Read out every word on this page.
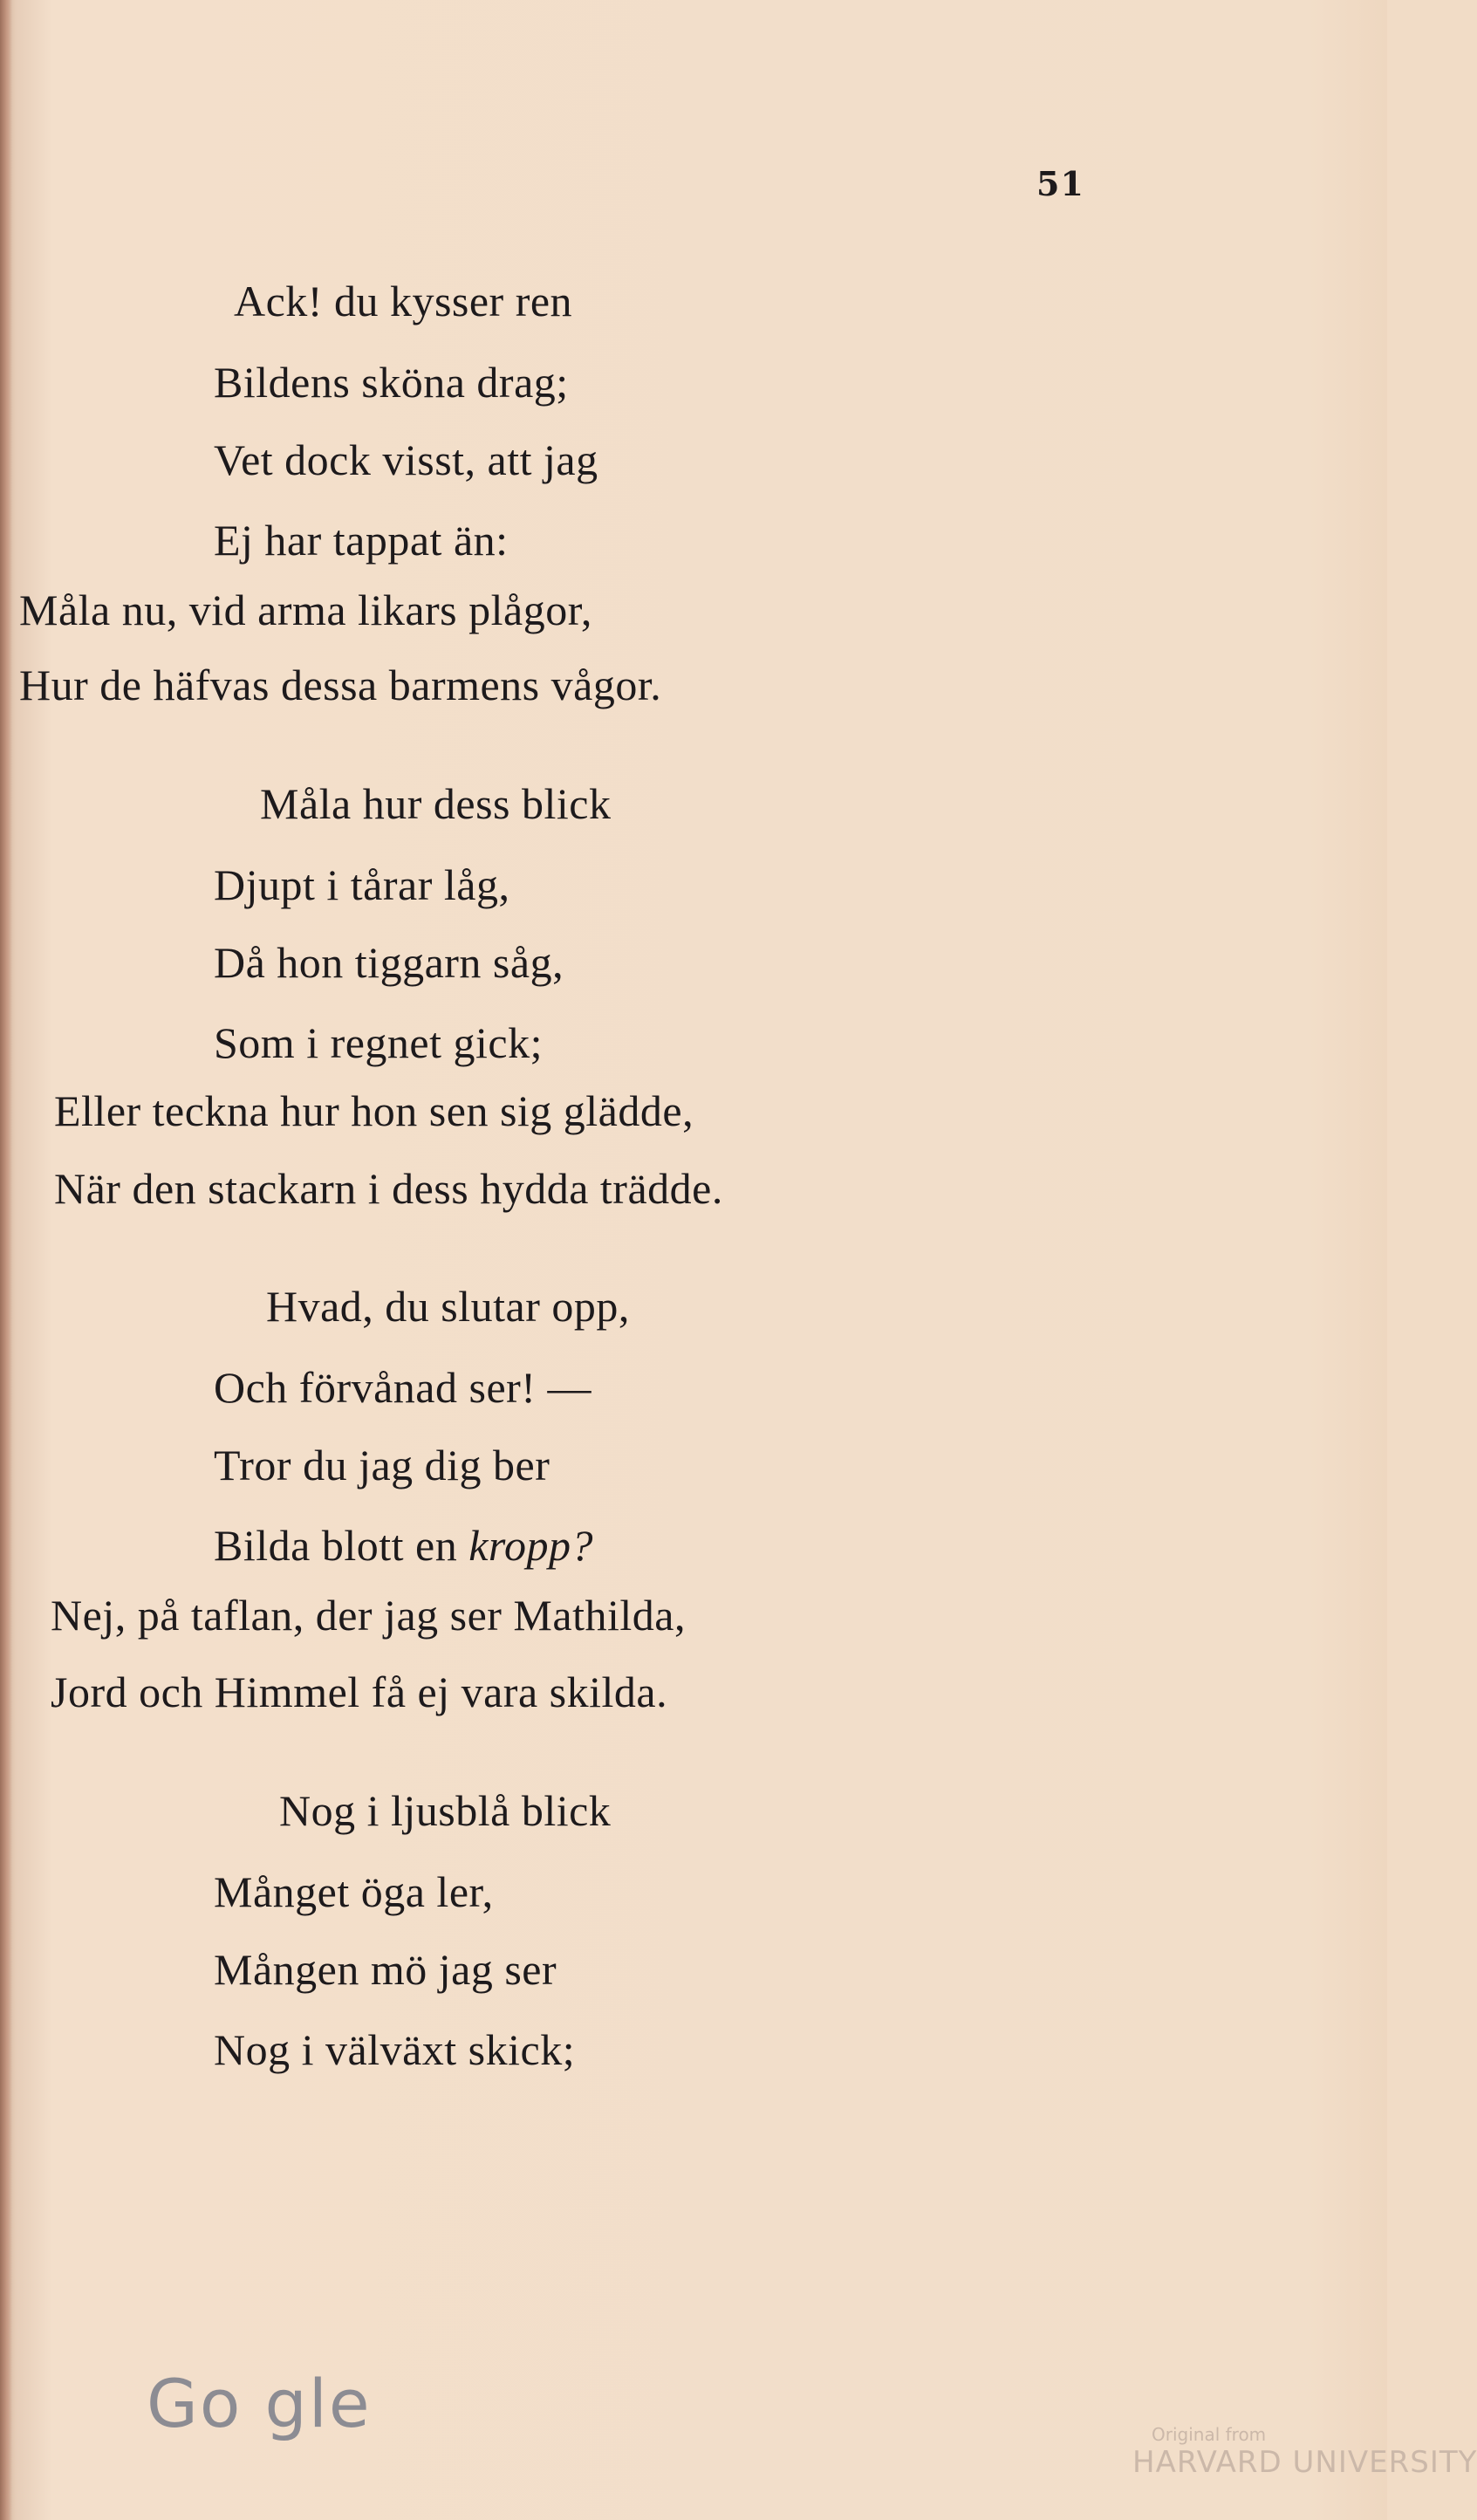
51
Ack! du kysser ren
Bildens sköna drag;
Vet dock visst, att jag
Ej har tappat än:
Måla nu, vid arma likars plågor,
Hur de häfvas dessa barmens vågor.
Måla hur dess blick
Djupt i tårar låg,
Då hon tiggarn såg,
Som i regnet gick;
Eller teckna hur hon sen sig glädde,
När den stackarn i dess hydda trädde.
Hvad, du slutar opp,
Och förvånad ser! —
Tror du jag dig ber
Bilda blott en kropp?
Nej, på taflan, der jag ser Mathilda,
Jord och Himmel få ej vara skilda.
Nog i ljusblå blick
Månget öga ler,
Mången mö jag ser
Nog i välväxt skick;
Go gle	Original from
HARVARD UNIVERSITY
